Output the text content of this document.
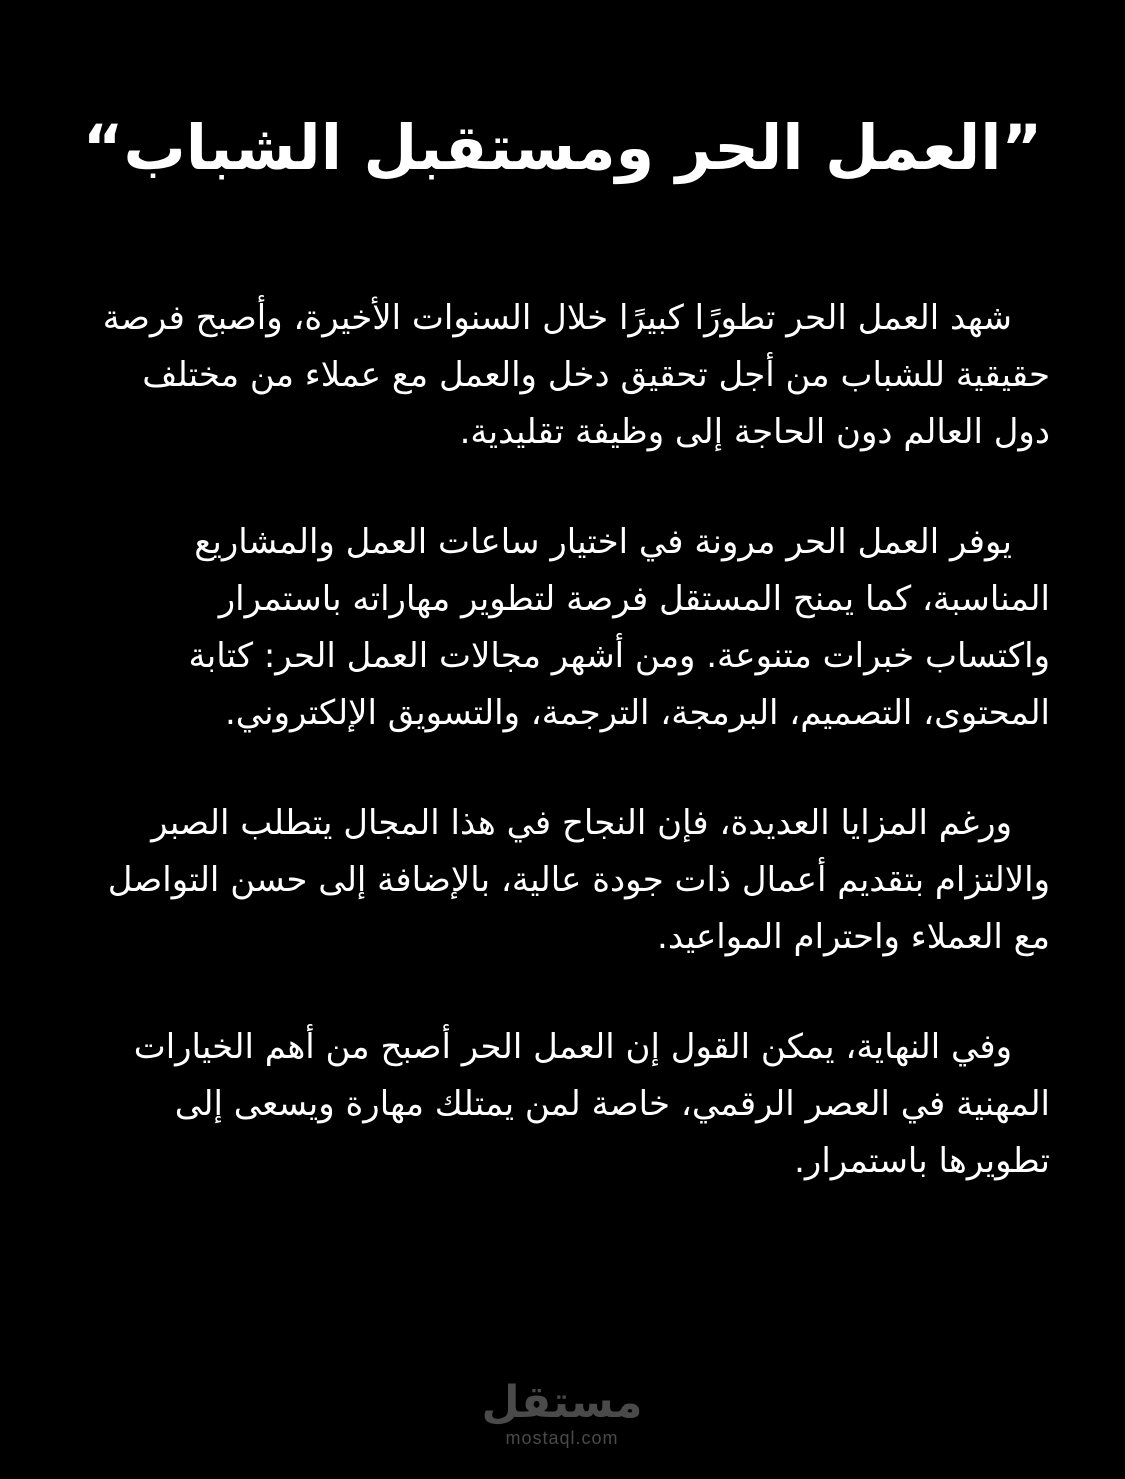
”العمل الحر ومستقبل الشباب“

شهد العمل الحر تطورًا كبيرًا خلال السنوات الأخيرة، وأصبح فرصة حقيقية للشباب من أجل تحقيق دخل والعمل مع عملاء من مختلف دول العالم دون الحاجة إلى وظيفة تقليدية.

يوفر العمل الحر مرونة في اختيار ساعات العمل والمشاريع المناسبة، كما يمنح المستقل فرصة لتطوير مهاراته باستمرار واكتساب خبرات متنوعة. ومن أشهر مجالات العمل الحر: كتابة المحتوى، التصميم، البرمجة، الترجمة، والتسويق الإلكتروني.

ورغم المزايا العديدة، فإن النجاح في هذا المجال يتطلب الصبر والالتزام بتقديم أعمال ذات جودة عالية، بالإضافة إلى حسن التواصل مع العملاء واحترام المواعيد.

وفي النهاية، يمكن القول إن العمل الحر أصبح من أهم الخيارات المهنية في العصر الرقمي، خاصة لمن يمتلك مهارة ويسعى إلى تطويرها باستمرار.

مستقل
mostaql.com
